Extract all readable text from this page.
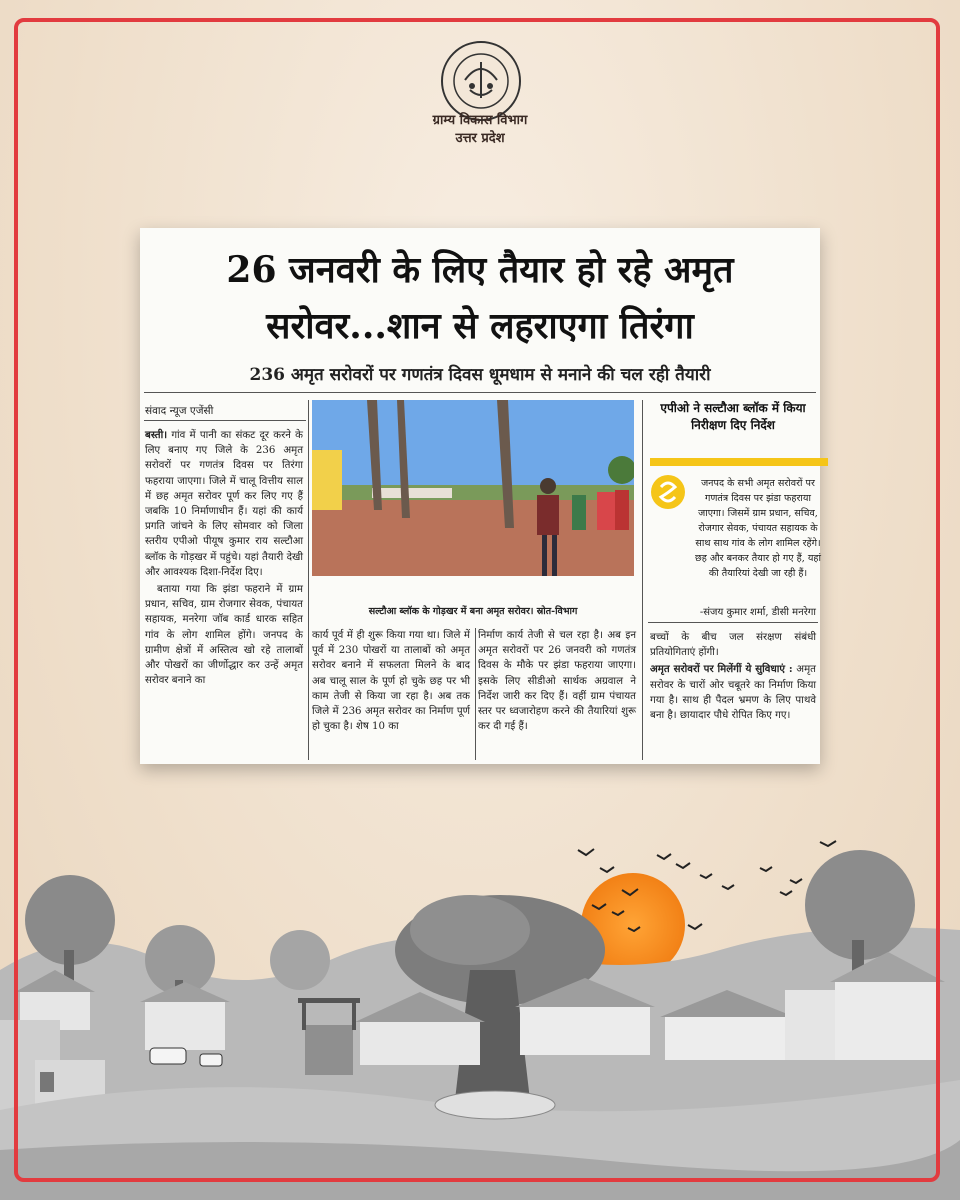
ग्राम्य विकास विभाग
उत्तर प्रदेश
26 जनवरी के लिए तैयार हो रहे अमृत
सरोवर...शान से लहराएगा तिरंगा
236 अमृत सरोवरों पर गणतंत्र दिवस धूमधाम से मनाने की चल रही तैयारी
संवाद न्यूज एजेंसी

बस्ती। गांव में पानी का संकट दूर करने के लिए बनाए गए जिले के 236 अमृत सरोवरों पर गणतंत्र दिवस पर तिरंगा फहराया जाएगा। जिले में चालू वित्तीय साल में छह अमृत सरोवर पूर्ण कर लिए गए हैं जबकि 10 निर्माणाधीन हैं। यहां की कार्य प्रगति जांचने के लिए सोमवार को जिला स्तरीय एपीओ पीयूष कुमार राय सल्टौआ ब्लॉक के गोड़खर में पहुंचे। यहां तैयारी देखी और आवश्यक दिशा-निर्देश दिए।

बताया गया कि झंडा फहराने में ग्राम प्रधान, सचिव, ग्राम रोजगार सेवक, पंचायत सहायक, मनरेगा जॉब कार्ड धारक सहित गांव के लोग शामिल होंगे। जनपद के ग्रामीण क्षेत्रों में अस्तित्व खो रहे तालाबों और पोखरों का जीर्णोद्धार कर उन्हें अमृत सरोवर बनाने का

सल्टौआ ब्लॉक के गोड़खर में बना अमृत सरोवर। स्रोत-विभाग

कार्य पूर्व में ही शुरू किया गया था। जिले में पूर्व में 230 पोखरों या तालाबों को अमृत सरोवर बनाने में सफलता मिलने के बाद अब चालू साल के पूर्ण हो चुके छह पर भी काम तेजी से किया जा रहा है। अब तक जिले में 236 अमृत सरोवर का निर्माण पूर्ण हो चुका है। शेष 10 का

निर्माण कार्य तेजी से चल रहा है। अब इन अमृत सरोवरों पर 26 जनवरी को गणतंत्र दिवस के मौके पर झंडा फहराया जाएगा। इसके लिए सीडीओ सार्थक अग्रवाल ने निर्देश जारी कर दिए हैं। वहीं ग्राम पंचायत स्तर पर ध्वजारोहण करने की तैयारियां शुरू कर दी गई हैं।

एपीओ ने सल्टौआ ब्लॉक में किया निरीक्षण दिए निर्देश
जनपद के सभी अमृत सरोवरों पर गणतंत्र दिवस पर झंडा फहराया जाएगा। जिसमें ग्राम प्रधान, सचिव, रोजगार सेवक, पंचायत सहायक के साथ साथ गांव के लोग शामिल रहेंगे। छह और बनकर तैयार हो गए हैं, यहां की तैयारियां देखी जा रही हैं।
-संजय कुमार शर्मा, डीसी मनरेगा

बच्चों के बीच जल संरक्षण संबंधी प्रतियोगिताएं होंगी।

अमृत सरोवरों पर मिलेंगीं ये सुविधाएं : अमृत सरोवर के चारों ओर चबूतरे का निर्माण किया गया है। साथ ही पैदल भ्रमण के लिए पाथवे बना है। छायादार पौधे रोपित किए गए।
